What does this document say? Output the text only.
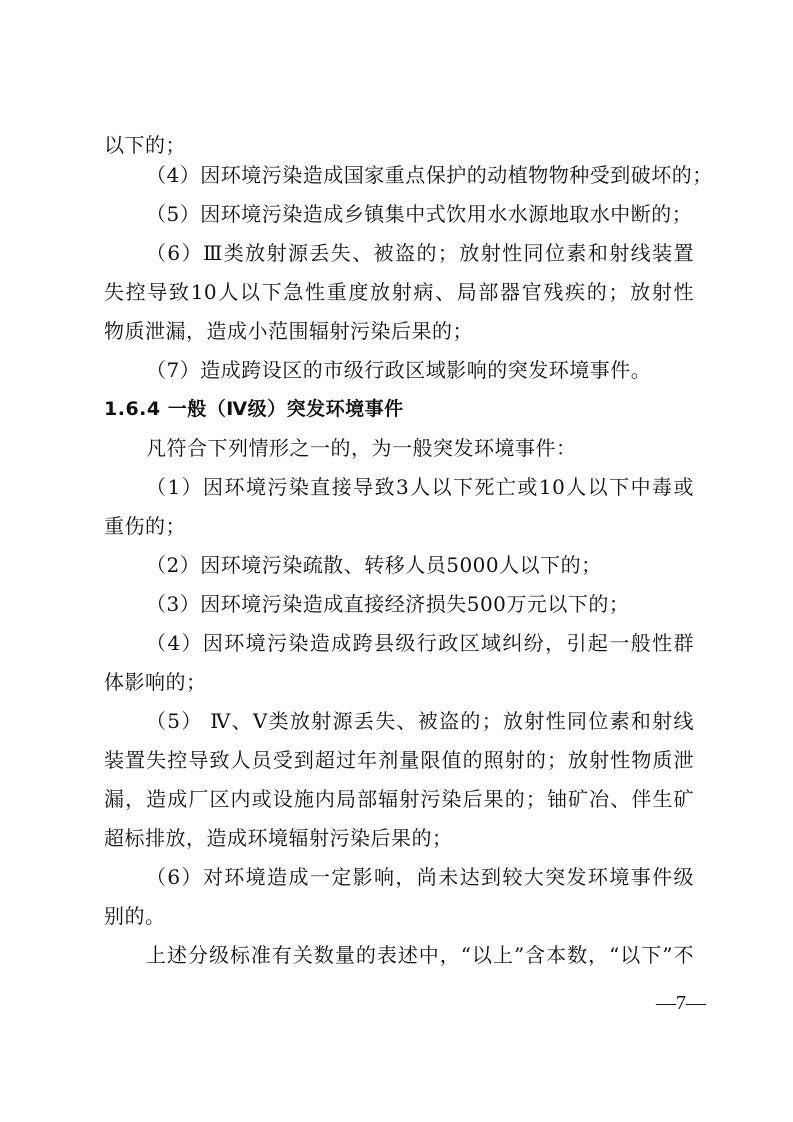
以下的；
（4）因环境污染造成国家重点保护的动植物物种受到破坏的；
（5）因环境污染造成乡镇集中式饮用水水源地取水中断的；
（6）Ⅲ类放射源丢失、被盗的；放射性同位素和射线装置
失控导致10人以下急性重度放射病、局部器官残疾的；放射性
物质泄漏，造成小范围辐射污染后果的；
（7）造成跨设区的市级行政区域影响的突发环境事件。
1.6.4 一般（Ⅳ级）突发环境事件
凡符合下列情形之一的，为一般突发环境事件：
（1）因环境污染直接导致3人以下死亡或10人以下中毒或
重伤的；
（2）因环境污染疏散、转移人员5000人以下的；
（3）因环境污染造成直接经济损失500万元以下的；
（4）因环境污染造成跨县级行政区域纠纷，引起一般性群
体影响的；
（5） Ⅳ、Ⅴ类放射源丢失、被盗的；放射性同位素和射线
装置失控导致人员受到超过年剂量限值的照射的；放射性物质泄
漏，造成厂区内或设施内局部辐射污染后果的；铀矿冶、伴生矿
超标排放，造成环境辐射污染后果的；
（6）对环境造成一定影响，尚未达到较大突发环境事件级
别的。
上述分级标准有关数量的表述中，“以上”含本数，“以下”不
—7—
